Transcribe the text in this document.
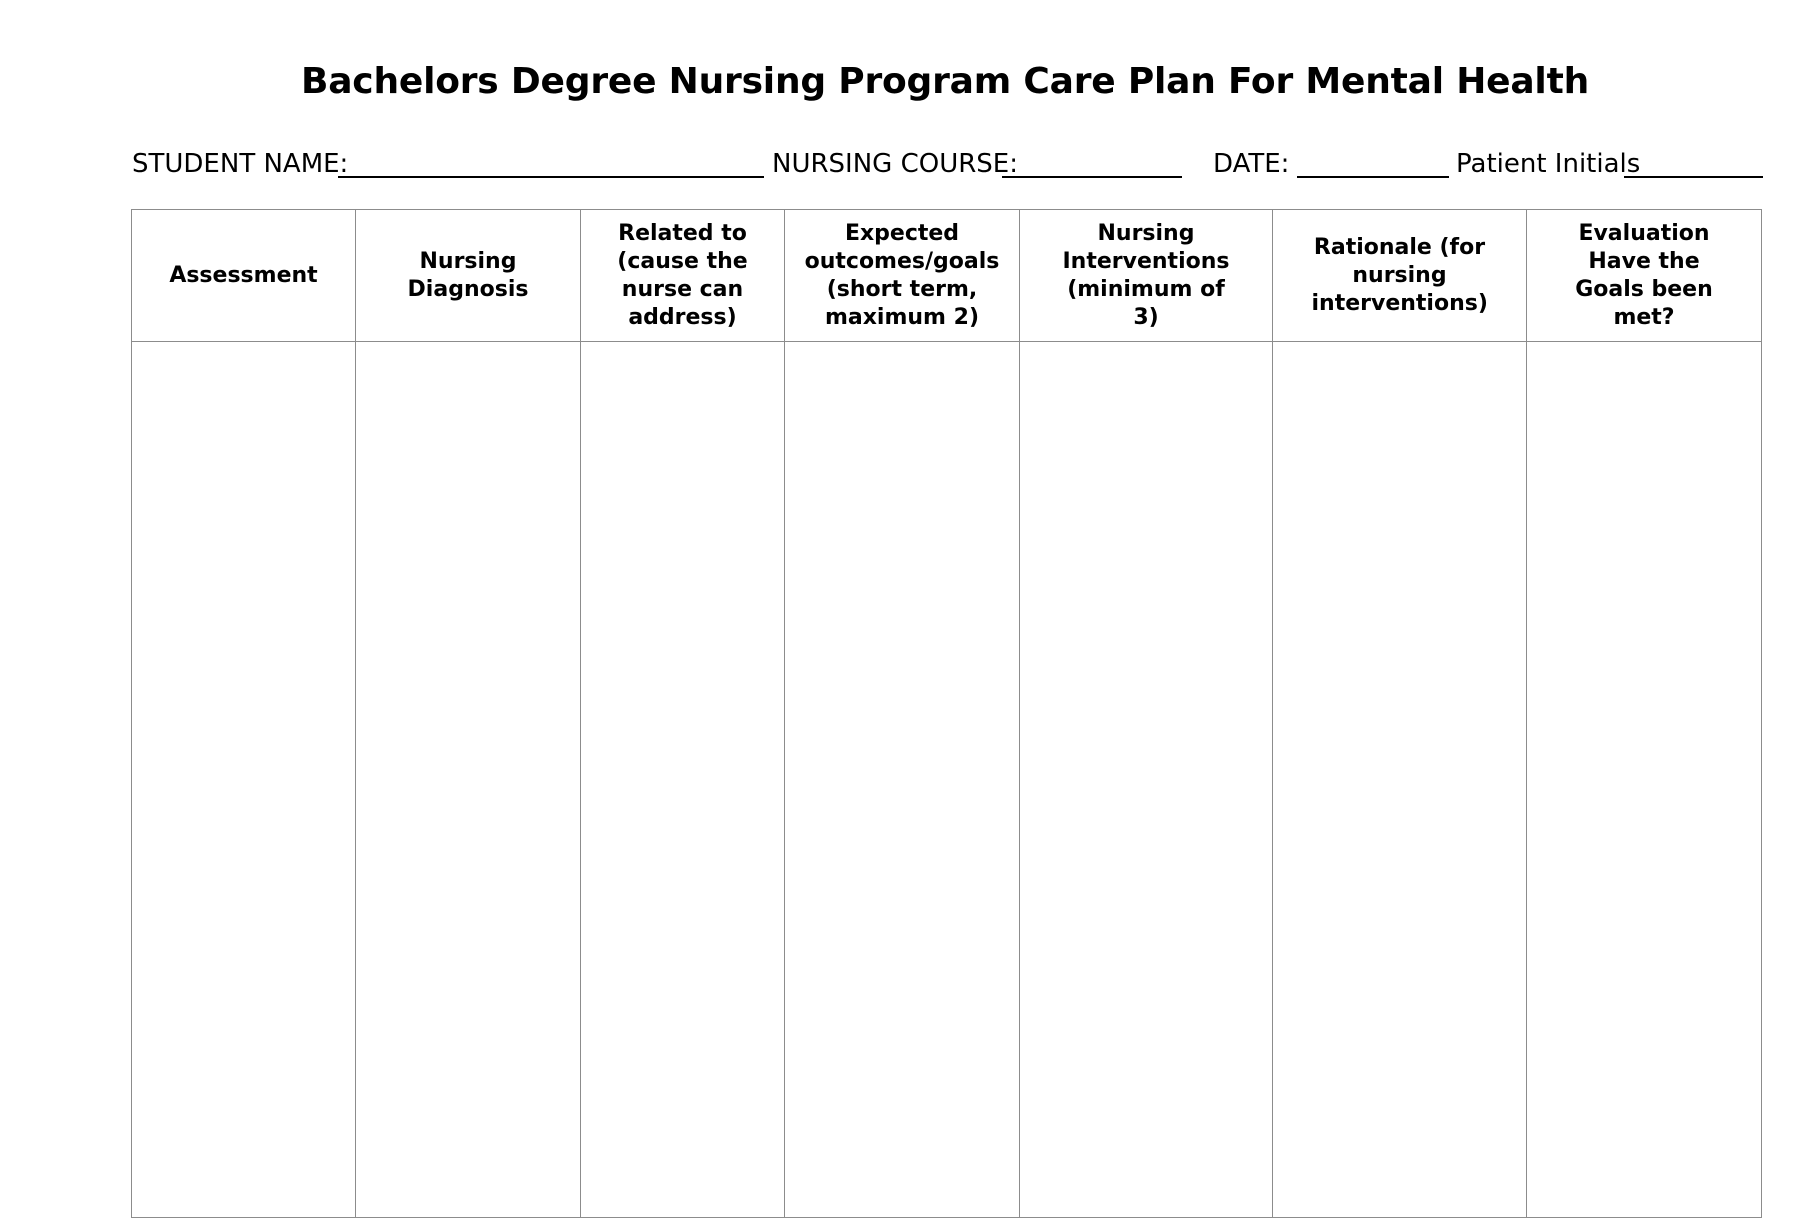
Bachelors Degree Nursing Program Care Plan For Mental Health
STUDENT NAME:	NURSING COURSE:	DATE:	Patient Initials
Assessment	Nursing Diagnosis	Related to (cause the nurse can address)	Expected outcomes/goals (short term, maximum 2)	Nursing Interventions (minimum of 3)	Rationale (for nursing interventions)	Evaluation Have the Goals been met?
